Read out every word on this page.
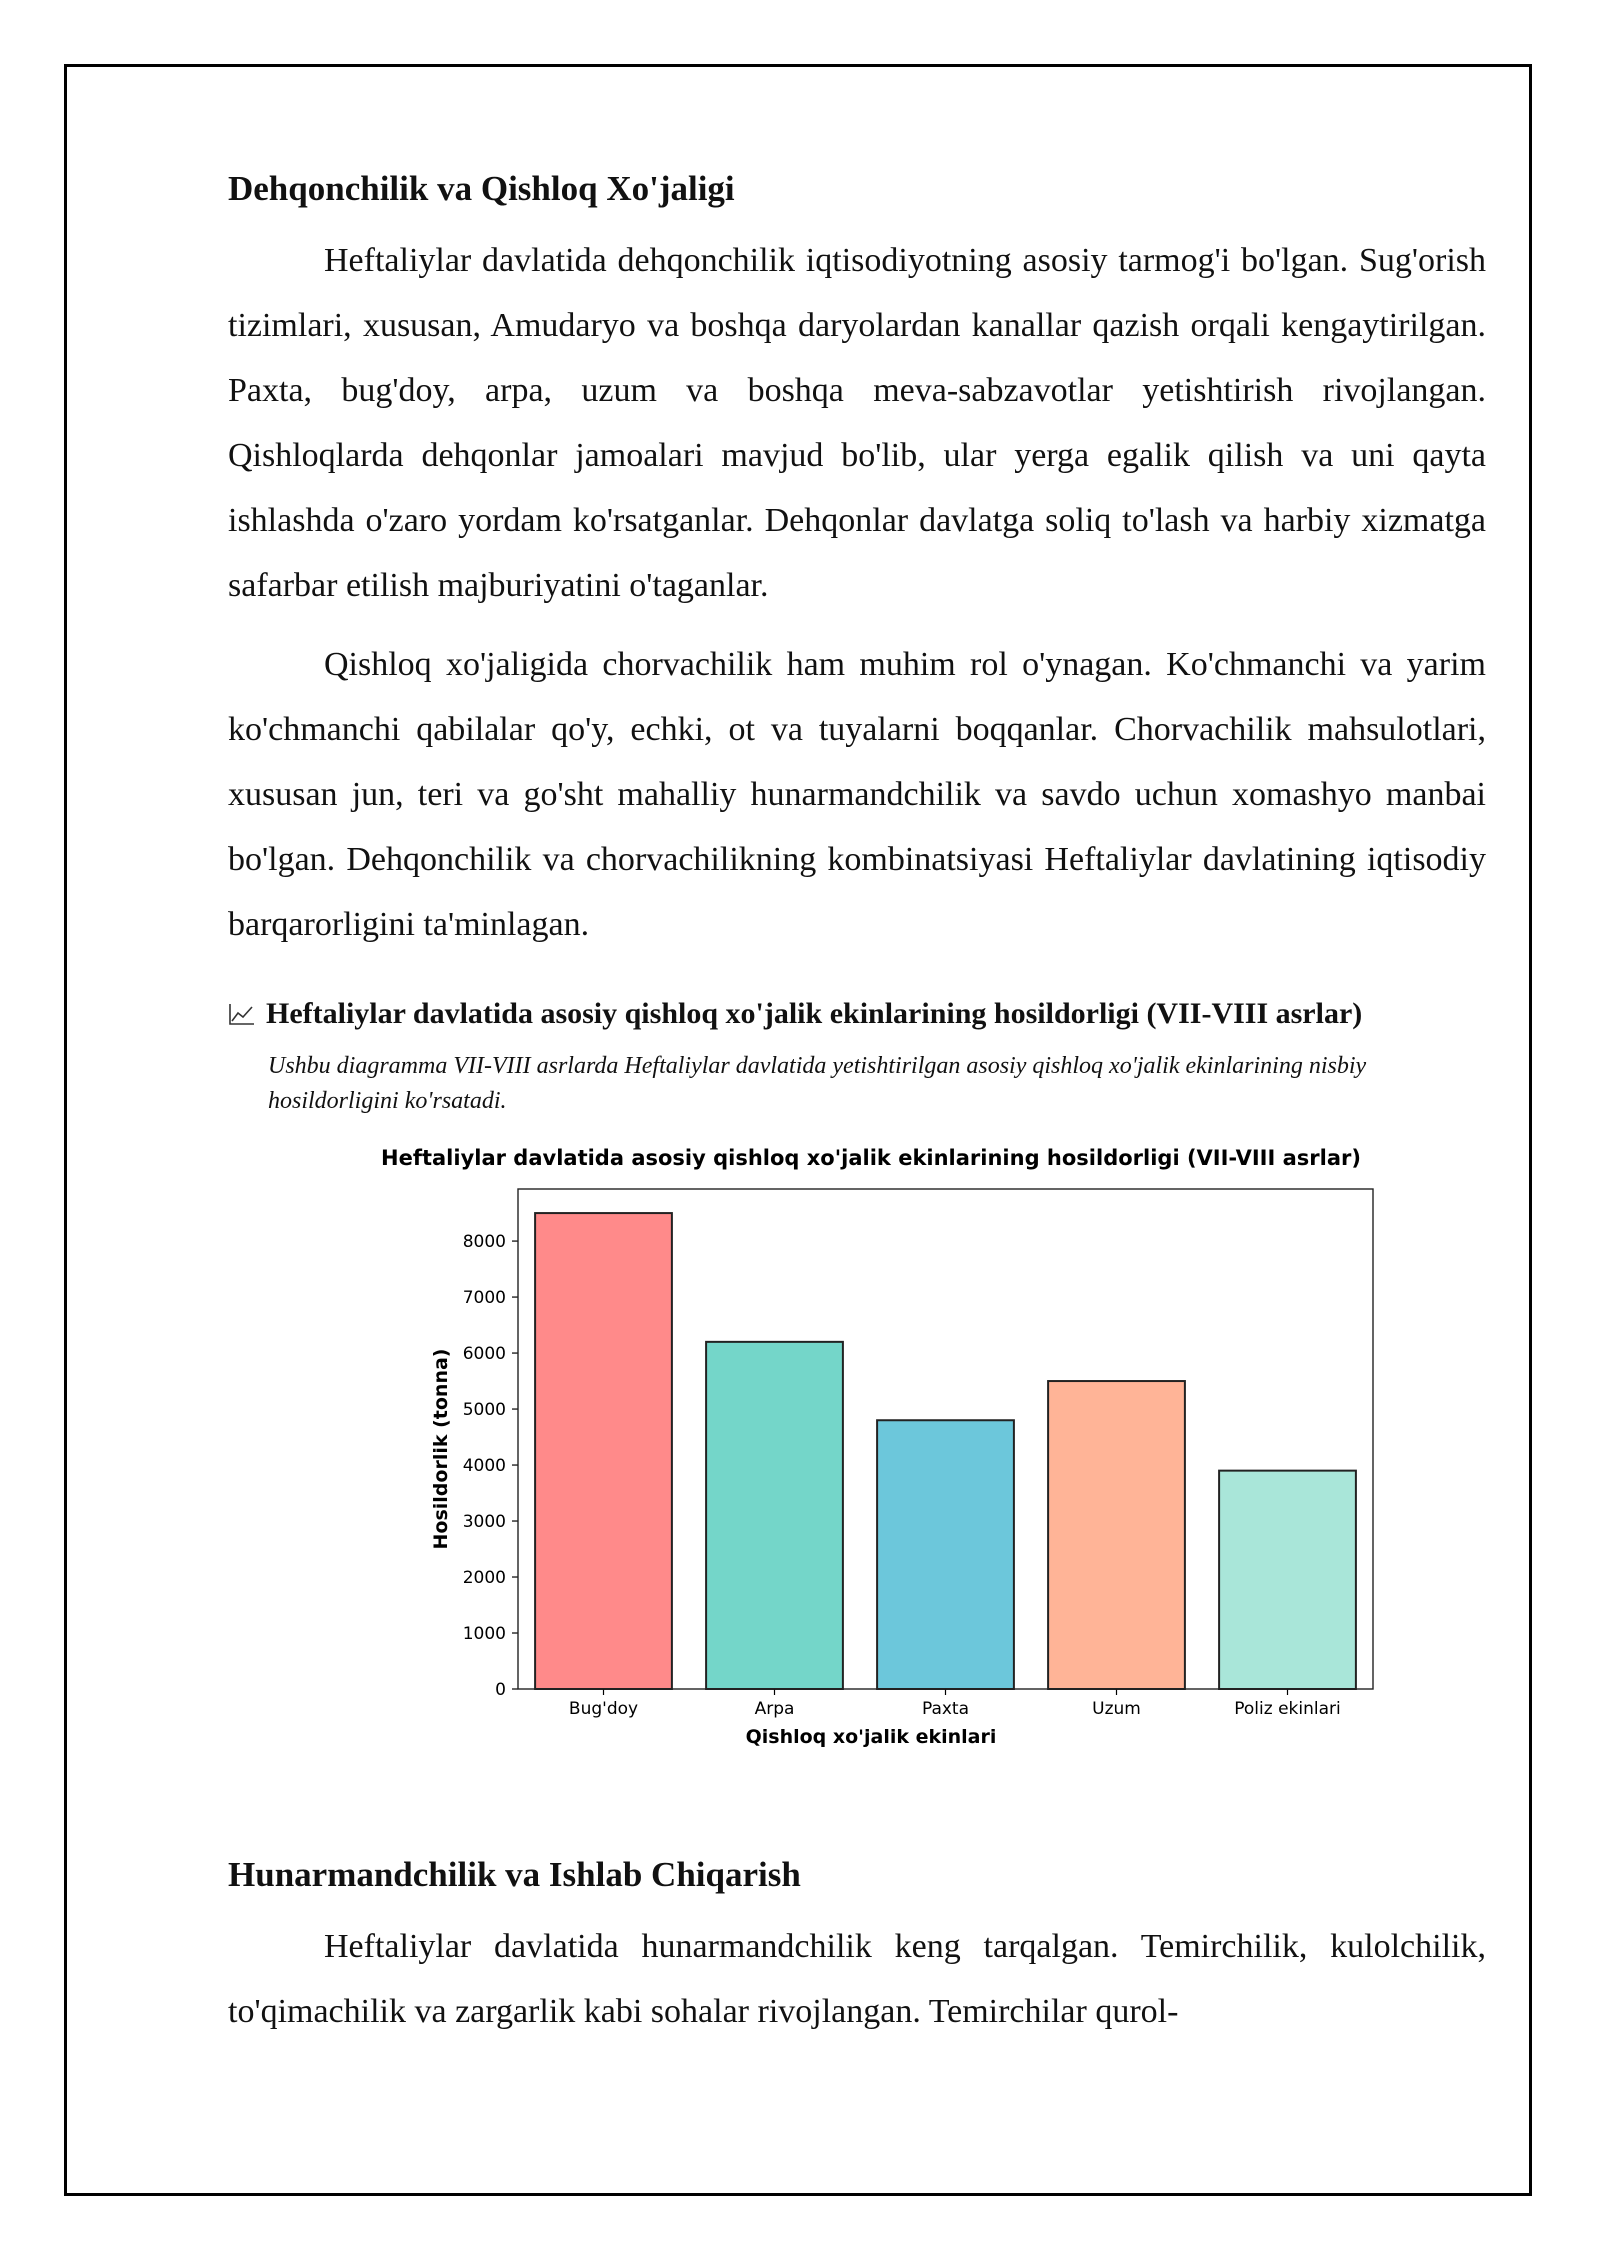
Dehqonchilik va Qishloq Xo'jaligi

Heftaliylar davlatida dehqonchilik iqtisodiyotning asosiy tarmog'i bo'lgan. Sug'orish tizimlari, xususan, Amudaryo va boshqa daryolardan kanallar qazish orqali kengaytirilgan. Paxta, bug'doy, arpa, uzum va boshqa meva-sabzavotlar yetishtirish rivojlangan. Qishloqlarda dehqonlar jamoalari mavjud bo'lib, ular yerga egalik qilish va uni qayta ishlashda o'zaro yordam ko'rsatganlar. Dehqonlar davlatga soliq to'lash va harbiy xizmatga safarbar etilish majburiyatini o'taganlar.

Qishloq xo'jaligida chorvachilik ham muhim rol o'ynagan. Ko'chmanchi va yarim ko'chmanchi qabilalar qo'y, echki, ot va tuyalarni boqqanlar. Chorvachilik mahsulotlari, xususan jun, teri va go'sht mahalliy hunarmandchilik va savdo uchun xomashyo manbai bo'lgan. Dehqonchilik va chorvachilikning kombinatsiyasi Heftaliylar davlatining iqtisodiy barqarorligini ta'minlagan.

Heftaliylar davlatida asosiy qishloq xo'jalik ekinlarining hosildorligi (VII-VIII asrlar)
Ushbu diagramma VII-VIII asrlarda Heftaliylar davlatida yetishtirilgan asosiy qishloq xo'jalik ekinlarining nisbiy hosildorligini ko'rsatadi.
Heftaliylar davlatida asosiy qishloq xo'jalik ekinlarining hosildorligi (VII-VIII asrlar)
Hosildorlik (tonna)
Qishloq xo'jalik ekinlari
Bug'doy	Arpa	Paxta	Uzum	Poliz ekinlari
0
1000
2000
3000
4000
5000
6000
7000
8000
Hunarmandchilik va Ishlab Chiqarish

Heftaliylar davlatida hunarmandchilik keng tarqalgan. Temirchilik, kulolchilik, to'qimachilik va zargarlik kabi sohalar rivojlangan. Temirchilar qurol-
